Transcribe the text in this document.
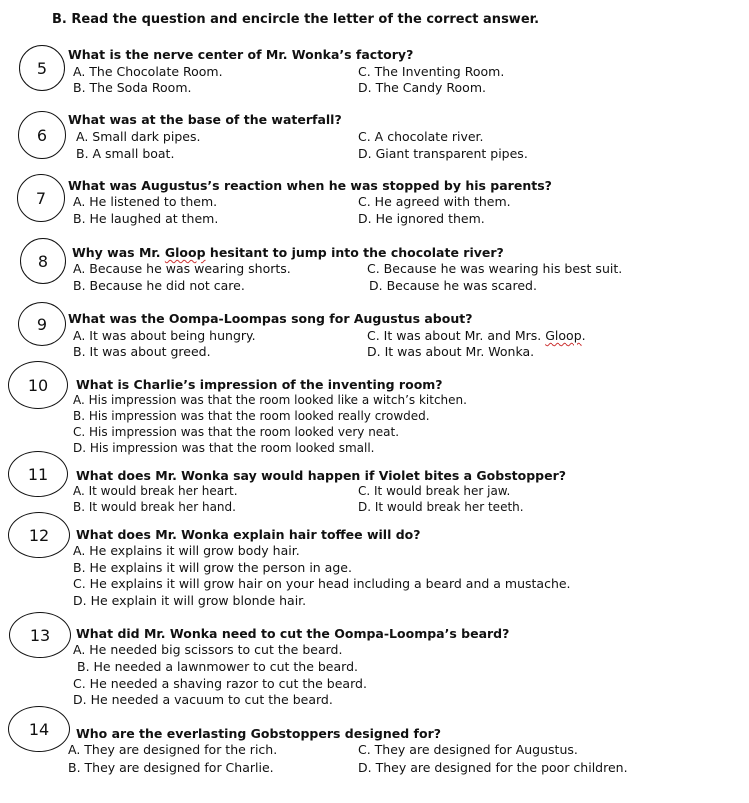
B. Read the question and encircle the letter of the correct answer.
5
What is the nerve center of Mr. Wonka’s factory?
A. The Chocolate Room.	C. The Inventing Room.
B. The Soda Room.	D. The Candy Room.
6
What was at the base of the waterfall?
A. Small dark pipes.	C. A chocolate river.
B. A small boat.	D. Giant transparent pipes.
7
What was Augustus’s reaction when he was stopped by his parents?
A. He listened to them.	C. He agreed with them.
B. He laughed at them.	D. He ignored them.
8	Why was Mr. Gloop hesitant to jump into the chocolate river?
A. Because he was wearing shorts.	C. Because he was wearing his best suit.
B. Because he did not care.	D. Because he was scared.
9	What was the Oompa-Loompas song for Augustus about?
A. It was about being hungry.	C. It was about Mr. and Mrs. Gloop.
B. It was about greed.	D. It was about Mr. Wonka.
10	What is Charlie’s impression of the inventing room?
A. His impression was that the room looked like a witch’s kitchen.
B. His impression was that the room looked really crowded.
C. His impression was that the room looked very neat.
D. His impression was that the room looked small.
11	What does Mr. Wonka say would happen if Violet bites a Gobstopper?
A. It would break her heart.	C. It would break her jaw.
B. It would break her hand.	D. It would break her teeth.
12	What does Mr. Wonka explain hair toffee will do?
A. He explains it will grow body hair.
B. He explains it will grow the person in age.
C. He explains it will grow hair on your head including a beard and a mustache.
D. He explain it will grow blonde hair.
13	What did Mr. Wonka need to cut the Oompa-Loompa’s beard?
A. He needed big scissors to cut the beard.
B. He needed a lawnmower to cut the beard.
C. He needed a shaving razor to cut the beard.
D. He needed a vacuum to cut the beard.
14	Who are the everlasting Gobstoppers designed for?
A. They are designed for the rich.	C. They are designed for Augustus.
B. They are designed for Charlie.	D. They are designed for the poor children.
